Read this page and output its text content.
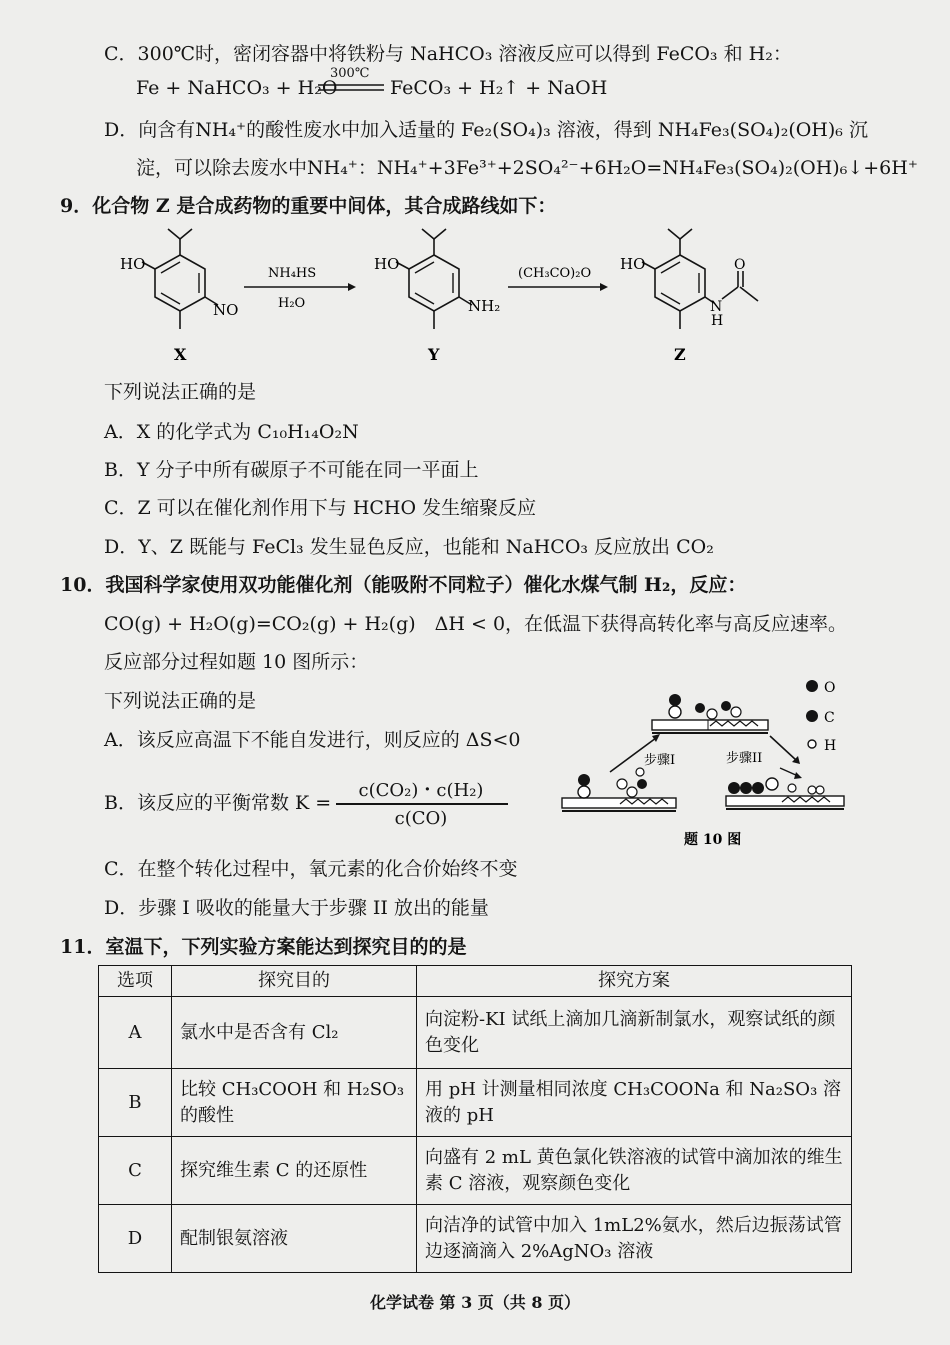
C．300℃时，密闭容器中将铁粉与 NaHCO₃ 溶液反应可以得到 FeCO₃ 和 H₂：
Fe + NaHCO₃ + H₂O
300℃
FeCO₃ + H₂↑ + NaOH
D．向含有NH₄⁺的酸性废水中加入适量的 Fe₂(SO₄)₃ 溶液，得到 NH₄Fe₃(SO₄)₂(OH)₆ 沉
淀，可以除去废水中NH₄⁺：NH₄⁺+3Fe³⁺+2SO₄²⁻+6H₂O=NH₄Fe₃(SO₄)₂(OH)₆↓+6H⁺
9．化合物 Z 是合成药物的重要中间体，其合成路线如下：
HO
NO
X
NH₄HS
H₂O
HO
NH₂
Y
(CH₃CO)₂O
HO
N
H
O
Z
下列说法正确的是
A．X 的化学式为 C₁₀H₁₄O₂N
B．Y 分子中所有碳原子不可能在同一平面上
C．Z 可以在催化剂作用下与 HCHO 发生缩聚反应
D．Y、Z 既能与 FeCl₃ 发生显色反应，也能和 NaHCO₃ 反应放出 CO₂
10．我国科学家使用双功能催化剂（能吸附不同粒子）催化水煤气制 H₂，反应：
CO(g) + H₂O(g)=CO₂(g) + H₂(g)　ΔH < 0，在低温下获得高转化率与高反应速率。
反应部分过程如题 10 图所示：
下列说法正确的是
A．该反应高温下不能自发进行，则反应的 ΔS<0
B．该反应的平衡常数 K =
c(CO₂)・c(H₂)
c(CO)
C．在整个转化过程中，氧元素的化合价始终不变
D．步骤 I 吸收的能量大于步骤 II 放出的能量
步骤I	步骤II
O
C
H
题 10 图
11．室温下，下列实验方案能达到探究目的的是
选项	探究目的	探究方案
A	氯水中是否含有 Cl₂	向淀粉-KI 试纸上滴加几滴新制氯水，观察试纸的颜色变化
B	比较 CH₃COOH 和 H₂SO₃ 的酸性	用 pH 计测量相同浓度 CH₃COONa 和 Na₂SO₃ 溶液的 pH
C	探究维生素 C 的还原性	向盛有 2 mL 黄色氯化铁溶液的试管中滴加浓的维生素 C 溶液，观察颜色变化
D	配制银氨溶液	向洁净的试管中加入 1mL2%氨水，然后边振荡试管边逐滴滴入 2%AgNO₃ 溶液
化学试卷 第 3 页（共 8 页）
